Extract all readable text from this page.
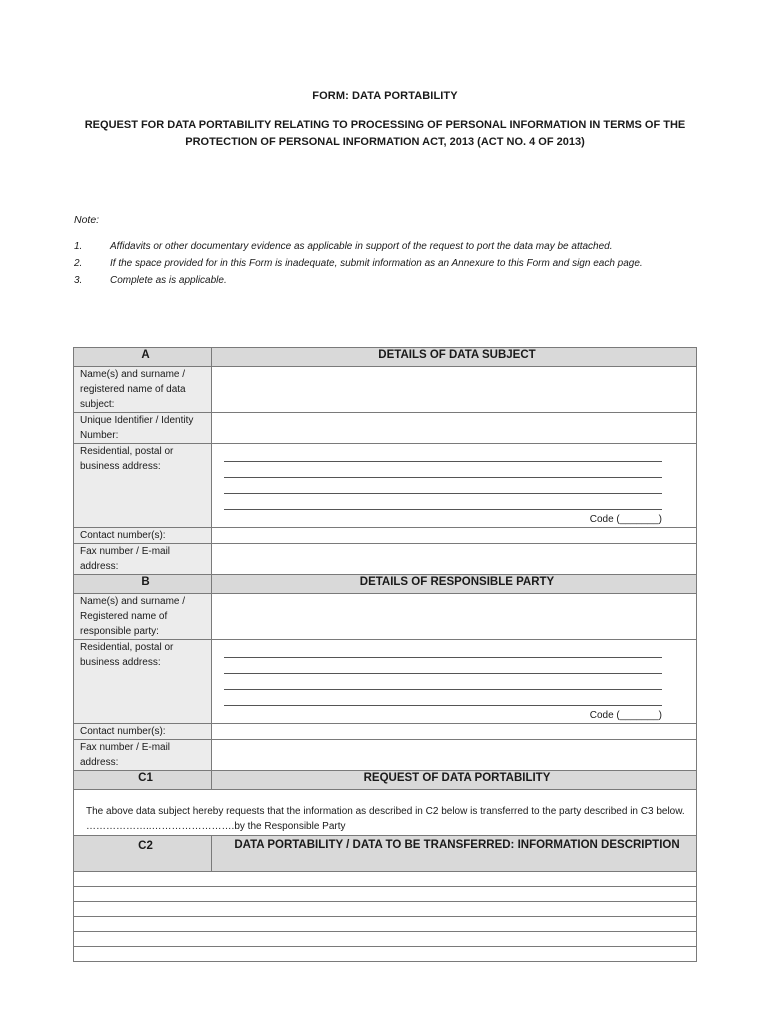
FORM: DATA PORTABILITY
REQUEST FOR DATA PORTABILITY RELATING TO PROCESSING OF PERSONAL INFORMATION IN TERMS OF THE PROTECTION OF PERSONAL INFORMATION ACT, 2013 (ACT NO. 4 OF 2013)
Note:
1.	Affidavits or other documentary evidence as applicable in support of the request to port the data may be attached.
2.	If the space provided for in this Form is inadequate, submit information as an Annexure to this Form and sign each page.
3.	Complete as is applicable.
A	DETAILS OF DATA SUBJECT
Name(s) and surname / registered name of data subject:	
Unique Identifier / Identity Number:	
Residential, postal or business address:	Code (_______)

Contact number(s):	
Fax number / E-mail address:	
B	DETAILS OF RESPONSIBLE PARTY
Name(s) and surname / Registered name of responsible party:	
Residential, postal or business address:	Code (_______)

Contact number(s):	
Fax number / E-mail address:	
C1	REQUEST OF DATA PORTABILITY

The above data subject hereby requests that the information as described in C2 below is transferred to the party described in C3 below. ………………..…………………….by the Responsible Party	

C2	DATA PORTABILITY / DATA TO BE TRANSFERRED: INFORMATION DESCRIPTION
